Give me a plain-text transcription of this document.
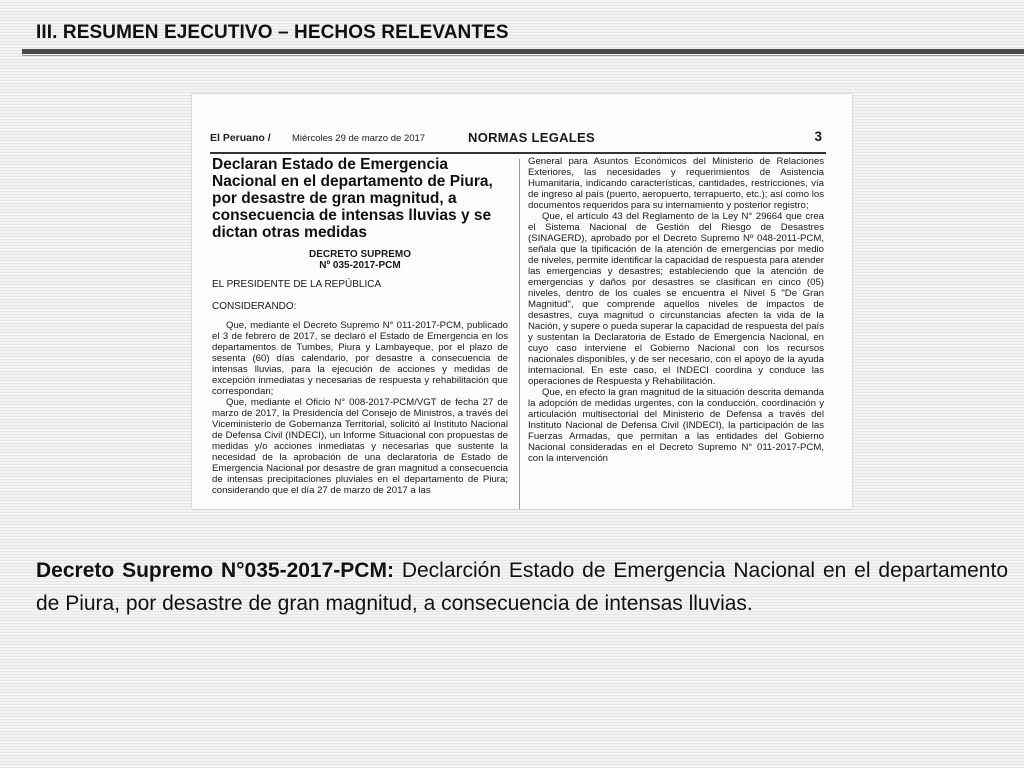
III. RESUMEN EJECUTIVO – HECHOS RELEVANTES
El Peruano / Miércoles 29 de marzo de 2017	NORMAS LEGALES	3

Declaran Estado de Emergencia Nacional en el departamento de Piura, por desastre de gran magnitud, a consecuencia de intensas lluvias y se dictan otras medidas

DECRETO SUPREMO

Nº 035-2017-PCM

EL PRESIDENTE DE LA REPÚBLICA

CONSIDERANDO:

Que, mediante el Decreto Supremo N° 011-2017-PCM, publicado el 3 de febrero de 2017, se declaró el Estado de Emergencia en los departamentos de Tumbes, Piura y Lambayeque, por el plazo de sesenta (60) días calendario, por desastre a consecuencia de intensas lluvias, para la ejecución de acciones y medidas de excepción inmediatas y necesarias de respuesta y rehabilitación que correspondan;

Que, mediante el Oficio N° 008-2017-PCM/VGT de fecha 27 de marzo de 2017, la Presidencia del Consejo de Ministros, a través del Viceministerio de Gobernanza Territorial, solicitó al Instituto Nacional de Defensa Civil (INDECI), un Informe Situacional con propuestas de medidas y/o acciones inmediatas y necesarias que sustente la necesidad de la aprobación de una declaratoria de Estado de Emergencia Nacional por desastre de gran magnitud a consecuencia de intensas precipitaciones pluviales en el departamento de Piura; considerando que el día 27 de marzo de 2017 a las

General para Asuntos Económicos del Ministerio de Relaciones Exteriores, las necesidades y requerimientos de Asistencia Humanitaria, indicando características, cantidades, restricciones, vía de ingreso al país (puerto, aeropuerto, terrapuerto, etc.); así como los documentos requeridos para su internamiento y posterior registro;

Que, el artículo 43 del Reglamento de la Ley N° 29664 que crea el Sistema Nacional de Gestión del Riesgo de Desastres (SINAGERD), aprobado por el Decreto Supremo Nº 048-2011-PCM, señala que la tipificación de la atención de emergencias por medio de niveles, permite identificar la capacidad de respuesta para atender las emergencias y desastres; estableciendo que la atención de emergencias y daños por desastres se clasifican en cinco (05) niveles, dentro de los cuales se encuentra el Nivel 5 "De Gran Magnitud", que comprende aquellos niveles de impactos de desastres, cuya magnitud o circunstancias afecten la vida de la Nación, y supere o pueda superar la capacidad de respuesta del país y sustentan la Declaratoria de Estado de Emergencia Nacional, en cuyo caso interviene el Gobierno Nacional con los recursos nacionales disponibles, y de ser necesario, con el apoyo de la ayuda internacional. En este caso, el INDECI coordina y conduce las operaciones de Respuesta y Rehabilitación.

Que, en efecto la gran magnitud de la situación descrita demanda la adopción de medidas urgentes, con la conducción, coordinación y articulación multisectorial del Ministerio de Defensa a través del Instituto Nacional de Defensa Civil (INDECI), la participación de las Fuerzas Armadas, que permitan a las entidades del Gobierno Nacional consideradas en el Decreto Supremo N° 011-2017-PCM, con la intervención

Decreto Supremo N°035-2017-PCM: Declarción Estado de Emergencia Nacional en el departamento de Piura, por desastre de gran magnitud, a consecuencia de intensas lluvias.
